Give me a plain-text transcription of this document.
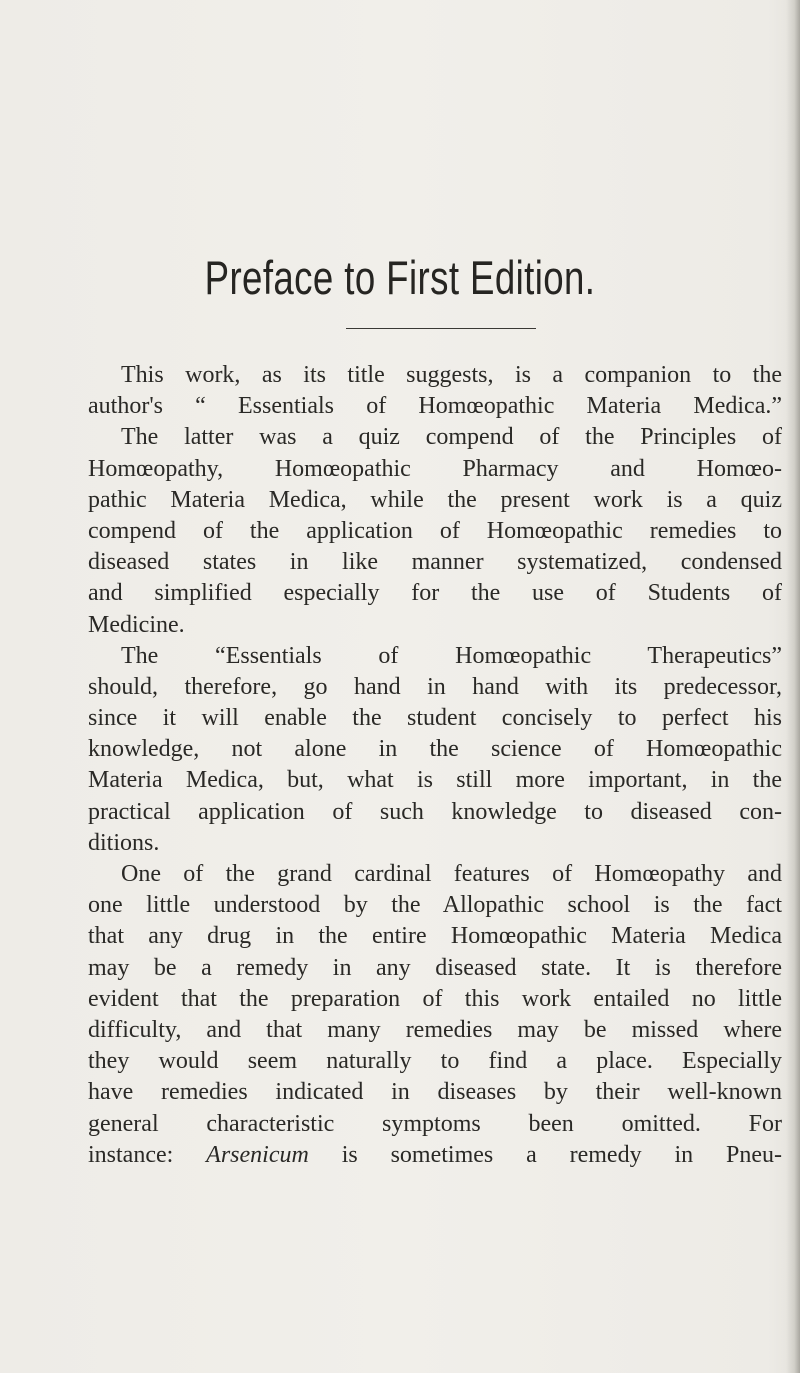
Preface to First Edition.
This work, as its title suggests, is a companion to the
author's “ Essentials of Homœopathic Materia Medica.”
The latter was a quiz compend of the Principles of
Homœopathy, Homœopathic Pharmacy and Homœo-
pathic Materia Medica, while the present work is a quiz
compend of the application of Homœopathic remedies to
diseased states in like manner systematized, condensed
and simplified especially for the use of Students of
Medicine.
The “Essentials of Homœopathic Therapeutics”
should, therefore, go hand in hand with its predecessor,
since it will enable the student concisely to perfect his
knowledge, not alone in the science of Homœopathic
Materia Medica, but, what is still more important, in the
practical application of such knowledge to diseased con-
ditions.
One of the grand cardinal features of Homœopathy and
one little understood by the Allopathic school is the fact
that any drug in the entire Homœopathic Materia Medica
may be a remedy in any diseased state. It is therefore
evident that the preparation of this work entailed no little
difficulty, and that many remedies may be missed where
they would seem naturally to find a place. Especially
have remedies indicated in diseases by their well-known
general characteristic symptoms been omitted. For
instance: Arsenicum is sometimes a remedy in Pneu-
